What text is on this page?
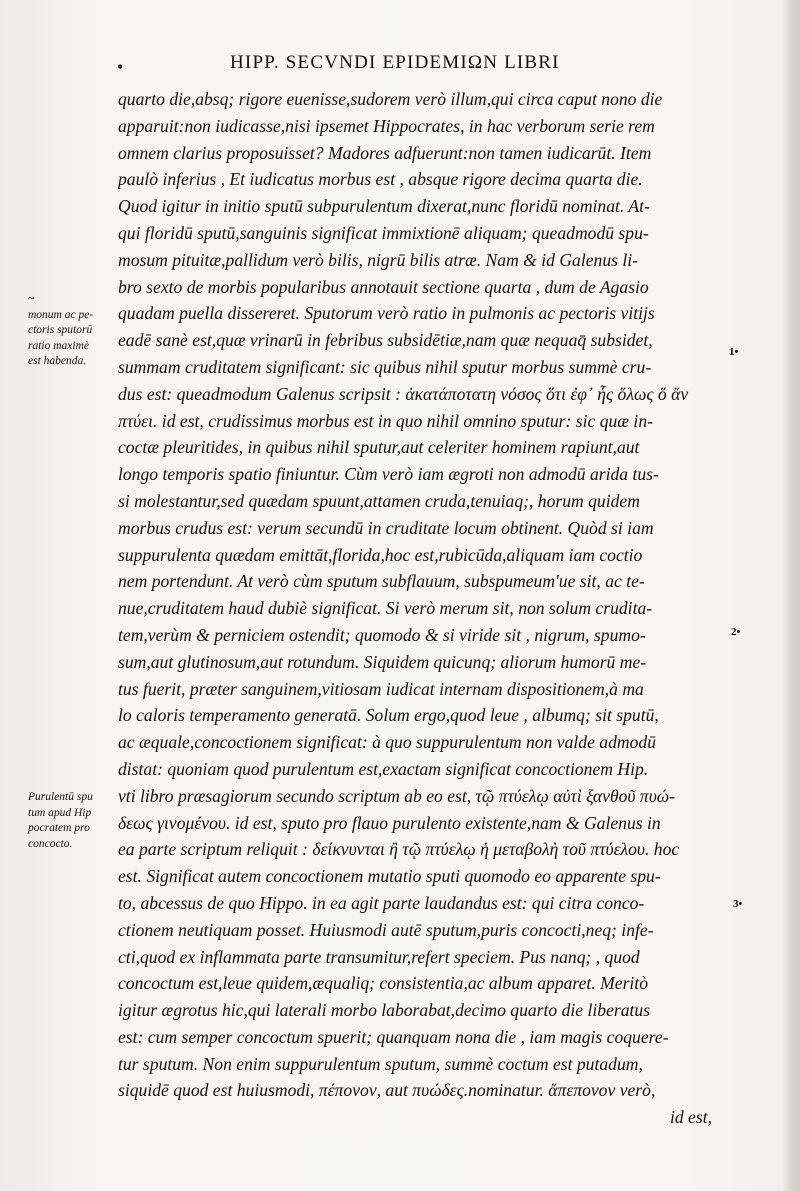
•	HIPP. SECVNDI EPIDEMIΩN LIBRI
quarto die,absq; rigore euenisse,sudorem verò illum,qui circa caput nono die
apparuit:non iudicasse,nisi ipsemet Hippocrates, in hac verborum serie rem
omnem clarius proposuisset? Madores adfuerunt:non tamen iudicarūt. Item
paulò inferius , Et iudicatus morbus est , absque rigore decima quarta die.
Quod igitur in initio sputū subpurulentum dixerat,nunc floridū nominat. At-
qui floridū sputū,sanguinis significat immixtionē aliquam; queadmodū spu-
mosum pituitæ,pallidum verò bilis, nigrū bilis atræ. Nam & id Galenus li-
bro sexto de morbis popularibus annotauit sectione quarta , dum de Agasio
quadam puella dissereret. Sputorum verò ratio in pulmonis ac pectoris vitijs
eadē sanè est,quæ vrinarū in febribus subsidētiæ,nam quæ nequaq̄ subsidet,
summam cruditatem significant: sic quibus nihil sputur morbus summè cru-
dus est: queadmodum Galenus scripsit : ἀκατάποτατη νόσος ὅτι ἐφ᾽ ἧς ὅλως ὅ ἄν
πτύει. id est, crudissimus morbus est in quo nihil omnino sputur: sic quæ in-
coctæ pleuritides, in quibus nihil sputur,aut celeriter hominem rapiunt,aut
longo temporis spatio finiuntur. Cùm verò iam ægroti non admodū arida tus-
si molestantur,sed quædam spuunt,attamen cruda,tenuiaq;, horum quidem
morbus crudus est: verum secundū in cruditate locum obtinent. Quòd si iam
suppurulenta quædam emittāt,florida,hoc est,rubicūda,aliquam iam coctio
nem portendunt. At verò cùm sputum subflauum, subspumeum'ue sit, ac te-
nue,cruditatem haud dubiè significat. Si verò merum sit, non solum crudita-
tem,verùm & perniciem ostendit; quomodo & si viride sit , nigrum, spumo-
sum,aut glutinosum,aut rotundum. Siquidem quicunq; aliorum humorū me-
tus fuerit, præter sanguinem,vitiosam iudicat internam dispositionem,à ma
lo caloris temperamento generatā. Solum ergo,quod leue , albumq; sit sputū,
ac æquale,concoctionem significat: à quo suppurulentum non valde admodū
distat: quoniam quod purulentum est,exactam significat concoctionem Hip.
vti libro præsagiorum secundo scriptum ab eo est, τῷ πτύελῳ αὐτὶ ξανθοῦ πυώ-
δεως γινομένου. id est, sputo pro flauo purulento existente,nam & Galenus in
ea parte scriptum reliquit : δείκνυνται ἢ τῷ πτύελῳ ἡ μεταβολὴ τοῦ πτύελου. hoc
est. Significat autem concoctionem mutatio sputi quomodo eo apparente spu-
to, abcessus de quo Hippo. in ea agit parte laudandus est: qui citra conco-
ctionem neutiquam posset. Huiusmodi autē sputum,puris concocti,neq; infe-
cti,quod ex inflammata parte transumitur,refert speciem. Pus nanq; , quod
concoctum est,leue quidem,æqualiq; consistentia,ac album apparet. Meritò
igitur ægrotus hic,qui laterali morbo laborabat,decimo quarto die liberatus
est: cum semper concoctum spuerit; quanquam nona die , iam magis coquere-
tur sputum. Non enim suppurulentum sputum, summè coctum est putadum,
siquidē quod est huiusmodi, πέπονον, aut πυώδες.nominatur. ἄπεπονον verò,
id est,
~
monum ac pe-
ctoris sputorū
ratio maximè
est habenda.
Purulentū spu
tum apud Hip
pocratem pro
concocto.
1•
2•
3•
